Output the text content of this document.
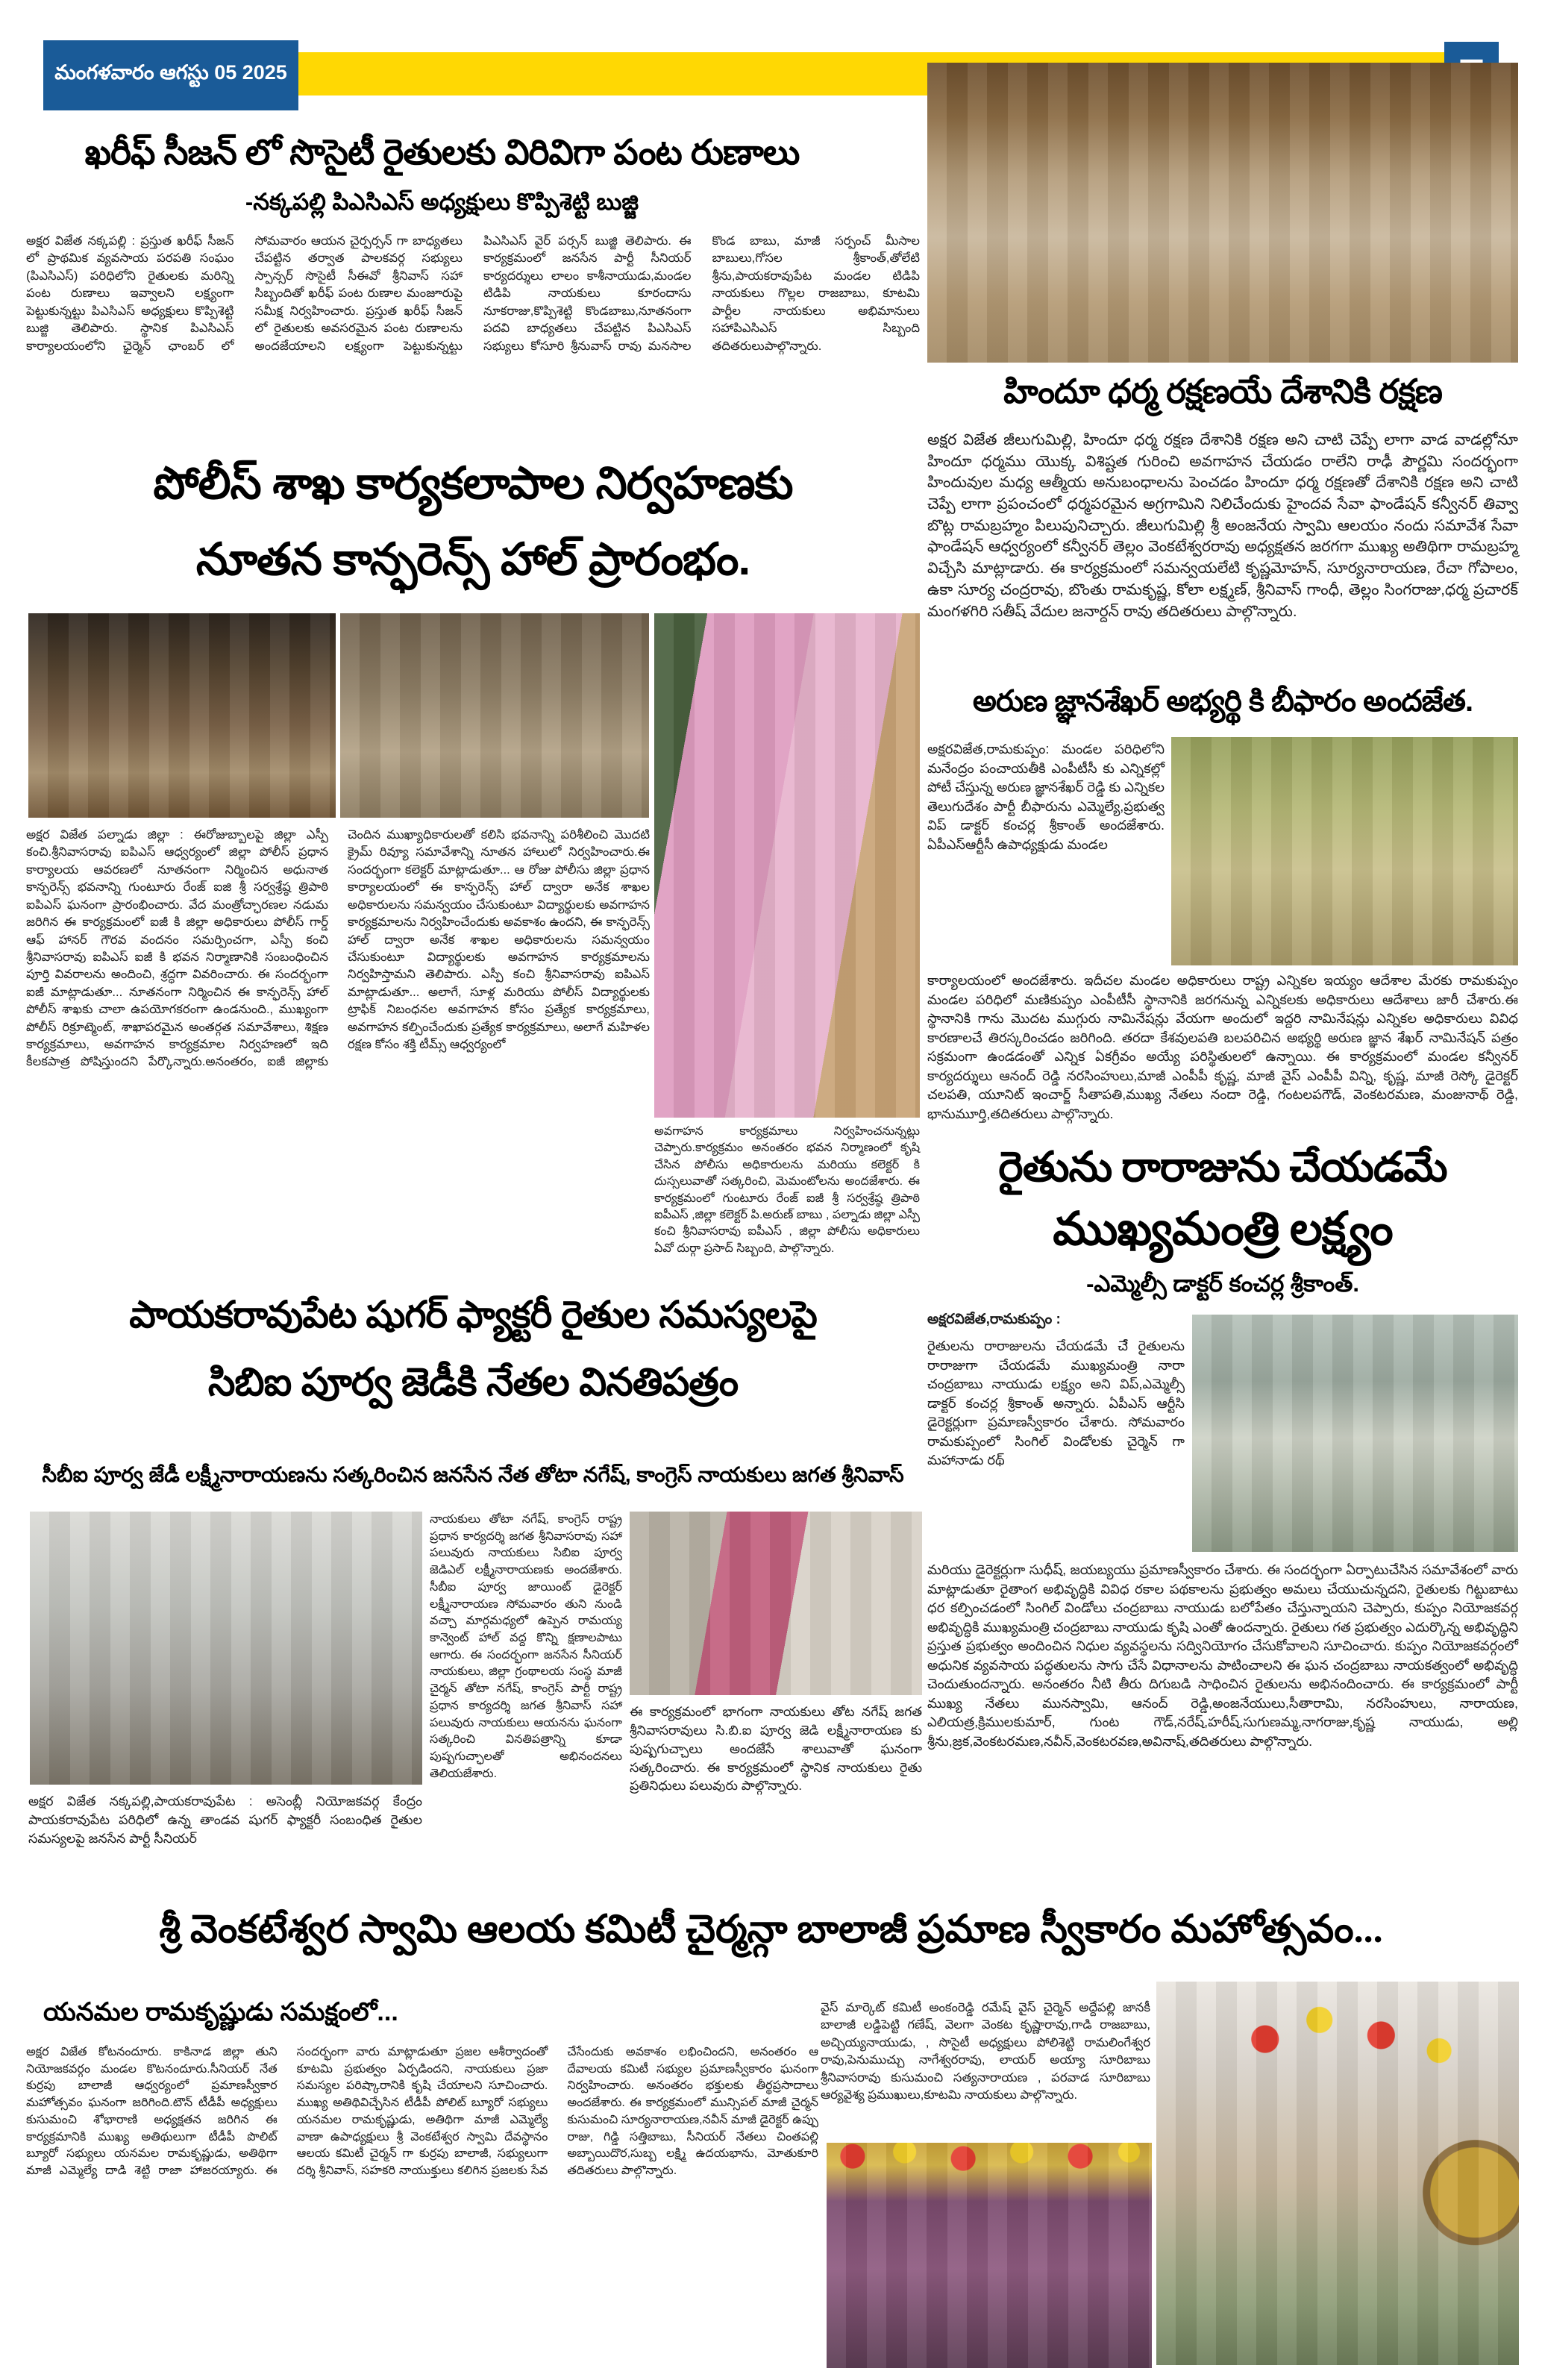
మంగళవారం ఆగస్టు 05 2025
ఖరీఫ్ సీజన్ లో సొసైటీ రైతులకు విరివిగా పంట రుణాలు
-నక్కపల్లి పిఎసిఎస్ అధ్యక్షులు కొప్పిశెట్టి బుజ్జి
అక్షర విజేత నక్కపల్లి : ప్రస్తుత ఖరీఫ్ సీజన్ లో ప్రాథమిక వ్యవసాయ పరపతి సంఘం (పిఎసిఎస్) పరిధిలోని రైతులకు మరిన్ని పంట రుణాలు ఇవ్వాలని లక్ష్యంగా పెట్టుకున్నట్టు పిఎసిఎస్ అధ్యక్షులు కొప్పిశెట్టి బుజ్జి తెలిపారు. స్థానిక పిఎసిఎస్ కార్యాలయంలోని ఛైర్మెన్ ఛాంబర్ లో సోమవారం ఆయన చైర్పర్సన్ గా బాధ్యతలు చేపట్టిన తర్వాత పాలకవర్గ సభ్యులు స్పాన్సర్ సొసైటీ సీఈవో శ్రీనివాస్ సహా సిబ్బందితో ఖరీఫ్ పంట రుణాల మంజూరుపై సమీక్ష నిర్వహించారు. ప్రస్తుత ఖరీఫ్ సీజన్ లో రైతులకు అవసరమైన పంట రుణాలను అందజేయాలని లక్ష్యంగా పెట్టుకున్నట్టు పిఎసిఎస్ వైర్ పర్సన్ బుజ్జి తెలిపారు. ఈ కార్యక్రమంలో జనసేన పార్టీ సీనియర్ కార్యదర్శులు లాలం కాశీనాయుడు,మండల టిడిపి నాయకులు కూరందాసు నూకరాజు,కొప్పిశెట్టి కొండబాబు,నూతనంగా పదవి బాధ్యతలు చేపట్టిన పిఎసిఎస్ సభ్యులు కోసూరి శ్రీనువాస్ రావు మనసాల కొండ బాబు, మాజీ సర్పంచ్ మీసాల బాబులు,గోసల శ్రీకాంత్,తోలేటి శ్రీను,పాయకరావుపేట మండల టిడిపి నాయకులు గొల్లల రాజబాబు, కూటమి పార్టీల నాయకులు అభిమానులు సహాపిఎసిఎస్ సిబ్బంది తదితరులుపాల్గొన్నారు.
హిందూ ధర్మ రక్షణయే దేశానికి రక్షణ
అక్షర విజేత జీలుగుమిల్లి, హిందూ ధర్మ రక్షణ దేశానికి రక్షణ అని చాటి చెప్పే లాగా వాడ వాడల్లోనూ హిందూ ధర్మము యొక్క విశిష్టత గురించి అవగాహన చేయడం రాలేని రాఢీ పౌర్ణమి సందర్భంగా హిందువుల మధ్య ఆత్మీయ అనుబంధాలను పెంచడం హిందూ ధర్మ రక్షణతో దేశానికి రక్షణ అని చాటి చెప్పే లాగా ప్రపంచంలో ధర్మపరమైన అగ్రగామిని నిలిచేందుకు హైందవ సేవా ఫాండేషన్ కన్వీనర్ తివ్వా బొట్ల రామబ్రహ్మం పిలుపునిచ్చారు. జీలుగుమిల్లి శ్రీ అంజనేయ స్వామి ఆలయం నందు సమావేశ సేవా ఫాండేషన్ ఆధ్వర్యంలో కన్వీనర్ తెల్లం వెంకటేశ్వరరావు అధ్యక్షతన జరగగా ముఖ్య అతిథిగా రామబ్రహ్మ విచ్చేసి మాట్లాడారు. ఈ కార్యక్రమంలో సమన్వయలేటి కృష్ణమోహన్, సూర్యనారాయణ, రేచా గోపాలం, ఉకా సూర్య చంద్రరావు, బొంతు రామకృష్ణ, కోలా లక్ష్మణ్, శ్రీనివాస్ గాంధీ, తెల్లం సింగరాజు,ధర్మ ప్రచారక్ మంగళగిరి సతీష్ వేదుల జనార్దన్ రావు తదితరులు పాల్గొన్నారు.
పోలీస్ శాఖ కార్యకలాపాల నిర్వహణకు
నూతన కాన్ఫరెన్స్ హాల్ ప్రారంభం.
అక్షర విజేత పల్నాడు జిల్లా : ఈరోజుబ్బాలపై జిల్లా ఎస్పీ కంచి.శ్రీనివాసరావు ఐపిఎస్ ఆధ్వర్యంలో జిల్లా పోలీస్ ప్రధాన కార్యాలయ ఆవరణలో నూతనంగా నిర్మించిన అధునాత కాన్ఫరెన్స్ భవనాన్ని గుంటూరు రేంజ్ ఐజి శ్రీ సర్వశ్రేష్ఠ త్రిపాఠి ఐపిఎస్ ఘనంగా ప్రారంభించారు. వేద మంత్రోచ్ఛారణల నడుమ జరిగిన ఈ కార్యక్రమంలో ఐజీ కి జిల్లా అధికారులు పోలీస్ గార్డ్ ఆఫ్ హానర్ గౌరవ వందనం సమర్పించగా, ఎస్పీ కంచి శ్రీనివాసరావు ఐపిఎస్ ఐజీ కి భవన నిర్మాణానికి సంబంధించిన పూర్తి వివరాలను అందించి, శ్రద్ధగా వివరించారు. ఈ సందర్భంగా ఐజీ మాట్లాడుతూ... నూతనంగా నిర్మించిన ఈ కాన్ఫరెన్స్ హాల్ పోలీస్ శాఖకు చాలా ఉపయోగకరంగా ఉండనుంది., ముఖ్యంగా పోలీస్ రిక్రూట్మెంట్, శాఖాపరమైన అంతర్గత సమావేశాలు, శిక్షణ కార్యక్రమాలు, అవగాహన కార్యక్రమాల నిర్వహణలో ఇది కీలకపాత్ర పోషిస్తుందని పేర్కొన్నారు.అనంతరం, ఐజీ జిల్లాకు చెందిన ముఖ్యాధికారులతో కలిసి భవనాన్ని పరిశీలించి మొదటి క్రైమ్ రివ్యూ సమావేశాన్ని నూతన హాలులో నిర్వహించారు.ఈ సందర్భంగా కలెక్టర్ మాట్లాడుతూ... ఆ రోజు పోలీసు జిల్లా ప్రధాన కార్యాలయంలో ఈ కాన్ఫరెన్స్ హాల్ ద్వారా అనేక శాఖల అధికారులను సమన్వయం చేసుకుంటూ విద్యార్థులకు అవగాహన కార్యక్రమాలను నిర్వహించేందుకు అవకాశం ఉందని, ఈ కాన్ఫరెన్స్ హాల్ ద్వారా అనేక శాఖల అధికారులను సమన్వయం చేసుకుంటూ విద్యార్థులకు అవగాహన కార్యక్రమాలను నిర్వహిస్తామని తెలిపారు. ఎస్పీ కంచి శ్రీనివాసరావు ఐపిఎస్ మాట్లాడుతూ... అలాగే, సూళ్ల మరియు పోలీస్ విద్యార్థులకు ట్రాఫిక్ నిబంధనల అవగాహన కోసం ప్రత్యేక కార్యక్రమాలు, అవగాహన కల్పించేందుకు ప్రత్యేక కార్యక్రమాలు, అలాగే మహిళల రక్షణ కోసం శక్తి టీమ్స్ ఆధ్వర్యంలో
అవగాహన కార్యక్రమాలు నిర్వహించనున్నట్లు చెప్పారు.కార్యక్రమం అనంతరం భవన నిర్మాణంలో కృషి చేసిన పోలీసు అధికారులను మరియు కలెక్టర్ కి దుస్సలువాతో సత్కరించి, మెమంటోలను అందజేశారు. ఈ కార్యక్రమంలో గుంటూరు రేంజ్ ఐజీ శ్రీ సర్వశ్రేష్ఠ త్రిపాఠి ఐపీఎస్ ,జిల్లా కలెక్టర్ పి.అరుణ్ బాబు , పల్నాడు జిల్లా ఎస్పీ కంచి శ్రీనివాసరావు ఐపీఎస్ , జిల్లా పోలీసు అధికారులు ఏవో దుర్గా ప్రసాద్ సిబ్బంది, పాల్గొన్నారు.
అరుణ జ్ఞానశేఖర్ అభ్యర్థి కి బీఫారం అందజేత.
అక్షరవిజేత,రామకుప్పం: మండల పరిధిలోని మనేంద్రం పంచాయతీకి ఎంపీటీసీ కు ఎన్నికల్లో పోటీ చేస్తున్న అరుణ జ్ఞానశేఖర్ రెడ్డి కు ఎన్నికల తెలుగుదేశం పార్టీ బీఫారును ఎమ్మెల్యే,ప్రభుత్వ విప్ డాక్టర్ కంచర్ల శ్రీకాంత్ అందజేశారు. ఏపీఎస్ఆర్టీసీ ఉపాధ్యక్షుడు మండల
కార్యాలయంలో అందజేశారు. ఇదీచల మండల అధికారులు రాష్ట్ర ఎన్నికల ఇయ్యం ఆదేశాల మేరకు రామకుప్పం మండల పరిధిలో మణికుప్పం ఎంపీటీసీ స్థానానికి జరగనున్న ఎన్నికలకు అధికారులు ఆదేశాలు జారీ చేశారు.ఈ స్థానానికి గాను మొదట ముగ్గురు నామినేషన్లు వేయగా అందులో ఇద్దరి నామినేషన్లు ఎన్నికల అధికారులు వివిధ కారణాలచే తిరస్కరించడం జరిగింది. తరదా కేశవులపతి బలపరిచిన అభ్యర్థి అరుణ జ్ఞాన శేఖర్ నామినేషన్ పత్రం సక్రమంగా ఉండడంతో ఎన్నిక ఏకగ్రీవం అయ్యే పరిస్థితులలో ఉన్నాయి. ఈ కార్యక్రమంలో మండల కన్వీనర్ కార్యదర్శులు ఆనంద్ రెడ్డి నరసింహులు,మాజీ ఎంపీపీ కృష్ణ, మాజీ వైస్ ఎంపీపీ విన్ని, కృష్ణ, మాజీ రెస్కో డైరెక్టర్ చలపతి, యూనిట్ ఇంచార్జ్ సీతాపతి,ముఖ్య నేతలు నందా రెడ్డి, గంటలపగౌడ్, వెంకటరమణ, మంజునాథ్ రెడ్డి, భానుమూర్తి,తదితరులు పాల్గొన్నారు.
రైతును రారాజును చేయడమే
ముఖ్యమంత్రి లక్ష్యం
-ఎమ్మెల్సీ డాక్టర్ కంచర్ల శ్రీకాంత్.
అక్షరవిజేత,రామకుప్పం :
రైతులను రారాజులను చేయడమే చేే రైతులను రారాజుగా చేయడమే ముఖ్యమంత్రి నారా చంద్రబాబు నాయుడు లక్ష్యం అని విప్,ఎమ్మెల్సీ డాక్టర్ కంచర్ల శ్రీకాంత్ అన్నారు. ఏపీఎస్ ఆర్టీసి డైరెక్టర్లుగా ప్రమాణస్వీకారం చేశారు. సోమవారం రామకుప్పంలో సింగిల్ విండోలకు చైర్మెన్ గా మహానాడు రథ్
మరియు డైరెక్టర్లుగా సుధీష్, జయబ్యయు ప్రమాణస్వీకారం చేశారు. ఈ సందర్భంగా ఏర్పాటుచేసిన సమావేశంలో వారు మాట్లాడుతూ రైతాంగ అభివృద్ధికి వివిధ రకాల పథకాలను ప్రభుత్వం అమలు చేయుచున్నదని, రైతులకు గిట్టుబాటు ధర కల్పించడంలో సింగిల్ విండోలు చంద్రబాబు నాయుడు బలోపేతం చేస్తున్నాయని చెప్పారు, కుప్పం నియోజకవర్గ అభివృద్ధికి ముఖ్యమంత్రి చంద్రబాబు నాయుడు కృషి ఎంతో ఉందన్నారు. రైతులు గత ప్రభుత్వం ఎదుర్కొన్న అభివృద్ధిని ప్రస్తుత ప్రభుత్వం అందించిన నిధుల వ్యవస్థలను సద్వినియోగం చేసుకోవాలని సూచించారు. కుప్పం నియోజకవర్గంలో అధునిక వ్యవసాయ పద్ధతులను సాగు చేసే విధానాలను పాటించాలని ఈ ఘన చంద్రబాబు నాయకత్వంలో అభివృద్ధి చెందుతుందన్నారు. అనంతరం నీటి తీరు దిగుబడి సాధించిన రైతులను అభినందించారు. ఈ కార్యక్రమంలో పార్టీ ముఖ్య నేతలు మునస్వామి, ఆనంద్ రెడ్డి,అంజనేయులు,సీతారామి, నరసింహులు, నారాయణ, ఎలియత్ర,క్రిములకుమార్, గుంట గౌడ్,నరేష్,హరీష్,సుగుణమ్మ,నాగరాజు,కృష్ణ నాయుడు, అల్లి శ్రీను,జ్రక,వెంకటరమణ,నవీన్,వెంకటరవణ,అవినాష్,తదితరులు పాల్గొన్నారు.
పాయకరావుపేట షుగర్ ఫ్యాక్టరీ రైతుల సమస్యలపై
సిబిఐ పూర్వ జెడీకి నేతల వినతిపత్రం
సీబీఐ పూర్వ జేడీ లక్ష్మీనారాయణను సత్కరించిన జనసేన నేత తోటా నగేష్, కాంగ్రెస్ నాయకులు జగత శ్రీనివాస్
అక్షర విజేత నక్కపల్లి,పాయకరావుపేట : అసెంబ్లీ నియోజకవర్గ కేంద్రం పాయకరావుపేట పరిధిలో ఉన్న తాండవ షుగర్ ఫ్యాక్టరీ సంబంధిత రైతుల సమస్యలపై జనసేన పార్టీ సీనియర్
నాయకులు తోటా నగేష్, కాంగ్రెస్ రాష్ట్ర ప్రధాన కార్యదర్శి జగత శ్రీనివాసరావు సహా పలువురు నాయకులు సిబిఐ పూర్వ జెడిఎల్ లక్ష్మీనారాయణకు అందజేశారు. సీబీఐ పూర్వ జాయింట్ డైరెక్టర్ లక్ష్మీనారాయణ సోమవారం తుని నుండి వచ్చా మార్గమధ్యలో ఉప్పెన రామయ్య కాన్వెంట్ హాల్ వద్ద కొన్ని క్షణాలపాటు ఆగారు. ఈ సందర్భంగా జనసేన సీనియర్ నాయకులు, జిల్లా గ్రంథాలయ సంస్థ మాజీ చైర్మన్ తోటా నగేష్, కాంగ్రెస్ పార్టీ రాష్ట్ర ప్రధాన కార్యదర్శి జగత శ్రీనివాస్ సహా పలువురు నాయకులు ఆయనను ఘనంగా సత్కరించి వినతిపత్రాన్ని కూడా పుష్పగుచ్ఛాలతో అభినందనలు తెలియజేశారు.
ఈ కార్యక్రమంలో భాగంగా నాయకులు తోట నగేష్ జగత శ్రీనివాసరావులు సి.బి.ఐ పూర్వ జెడి లక్ష్మీనారాయణ కు పుష్పగుచ్చాలు అందజేసే శాలువాతో ఘనంగా సత్కరించారు. ఈ కార్యక్రమంలో స్థానిక నాయకులు రైతు ప్రతినిధులు పలువురు పాల్గొన్నారు.
శ్రీ వెంకటేశ్వర స్వామి ఆలయ కమిటీ చైర్మన్గా బాలాజీ ప్రమాణ స్వీకారం మహోత్సవం...
యనమల రామకృష్ణుడు సమక్షంలో...
అక్షర విజేత కోటనందూరు. కాకినాడ జిల్లా తుని నియోజకవర్గం మండల కొటనందూరు.సీనియర్ నేత కుర్రపు బాలాజీ ఆధ్వర్యంలో ప్రమాణస్వీకార మహోత్సవం ఘనంగా జరిగింది.టౌన్ టీడీపీ అధ్యక్షులు కుసుమంచి శోభారాణి అధ్యక్షతన జరిగిన ఈ కార్యక్రమానికి ముఖ్య అతిథులుగా టీడీపీ పొలిట్ బ్యూరో సభ్యులు యనమల రామకృష్ణుడు, అతిథిగా మాజీ ఎమ్మెల్యే దాడి శెట్టి రాజా హాజరయ్యారు. ఈ సందర్భంగా వారు మాట్లాడుతూ ప్రజల ఆశీర్వాదంతో కూటమి ప్రభుత్వం ఏర్పడిందని, నాయకులు ప్రజా సమస్యల పరిష్కారానికి కృషి చేయాలని సూచించారు. ముఖ్య అతిథివిచ్చేసిన టీడీపీ పోలిట్ బ్యూరో సభ్యులు యనమల రామకృష్ణుడు, అతిథిగా మాజీ ఎమ్మెల్యే వాణా ఉపాధ్యక్షులు శ్రీ వెంకటేశ్వర స్వామి దేవస్థానం ఆలయ కమిటీ చైర్మన్ గా కుర్రపు బాలాజీ, సభ్యులుగా దర్శి శ్రీనివాస్, సహకరి నాయుక్తులు కలిగిన ప్రజలకు సేవ చేసేందుకు అవకాశం లభించిందని, అనంతరం ఆ దేవాలయ కమిటీ సభ్యుల ప్రమాణస్వీకారం ఘనంగా నిర్వహించారు. అనంతరం భక్తులకు తీర్థప్రసాదాలు అందజేశారు. ఈ కార్యక్రమంలో మున్సిపల్ మాజీ చైర్మన్ కుసుమంచి సూర్యనారాయణ,నవీన్ మాజీ డైరెక్టర్ ఉప్పు రాజు, గిడ్డి సత్తిబాబు, సీనియర్ నేతలు చింతపల్లి అబ్బాయిదొర,సుబ్బ లక్ష్మి ఉదయభాను, మోతుకూరి తదితరులు పాల్గొన్నారు.
వైస్ మార్కెట్ కమిటీ అంకంరెడ్డి రమేష్ వైస్ చైర్మెన్ అద్దేపల్లి జానకీ బాలాజీ లడ్డిపెట్టి గణేష్, వెలగా వెంకట కృష్ణారావు,గాడి రాజబాబు, అచ్చియ్యనాయుడు, , సొసైటీ అధ్యక్షులు పోలిశెట్టి రామలింగేశ్వర రావు,పెనుముచ్చు నాగేశ్వరరావు, లాయర్ అయ్యా సూరిబాబు శ్రీనివాసరావు కుసుమంచి సత్యనారాయణ , పరవాడ సూరిబాబు ఆర్యవైశ్య ప్రముఖులు,కూటమి నాయకులు పాల్గొన్నారు.
